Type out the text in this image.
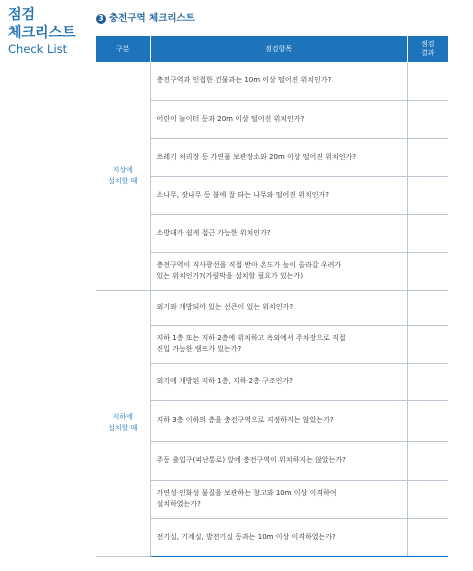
점검
체크리스트
Check List
3 충전구역 체크리스트
구분	점검항목	점검
결과
지상에
설치할 때	충전구역과 인접한 건물과는 10m 이상 떨어진 위치인가?	
	어린이 놀이터 등과 20m 이상 떨어진 위치인가?	
	쓰레기 처리장 등 가연물 보관장소와 20m 이상 떨어진 위치인가?	
	소나무, 잣나무 등 불에 잘 타는 나무와 떨어진 위치인가?	
	소방대가 쉽게 접근 가능한 위치인가?	
	충전구역이 직사광선을 직접 받아 온도가 높이 올라갈 우려가
있는 위치인가?(가림막을 설치할 필요가 있는가)	
지하에
설치할 때	외기와 개방되어 있는 선큰이 있는 위치인가?	
	지하 1층 또는 지하 2층에 위치하고 옥외에서 주차장으로 직접
진입 가능한 램프가 있는가?	
	외기에 개방된 지하 1층, 지하 2층 구조인가?	
	지하 3층 이하의 층을 충전구역으로 지정하지는 않았는가?	
	주동 출입구(피난통로) 앞에 충전구역이 위치하지는 않았는가?	
	가연성·인화성 물질을 보관하는 창고와 10m 이상 이격하여
설치하였는가?	
	전기실, 기계실, 발전기실 등과는 10m 이상 이격하였는가?	
